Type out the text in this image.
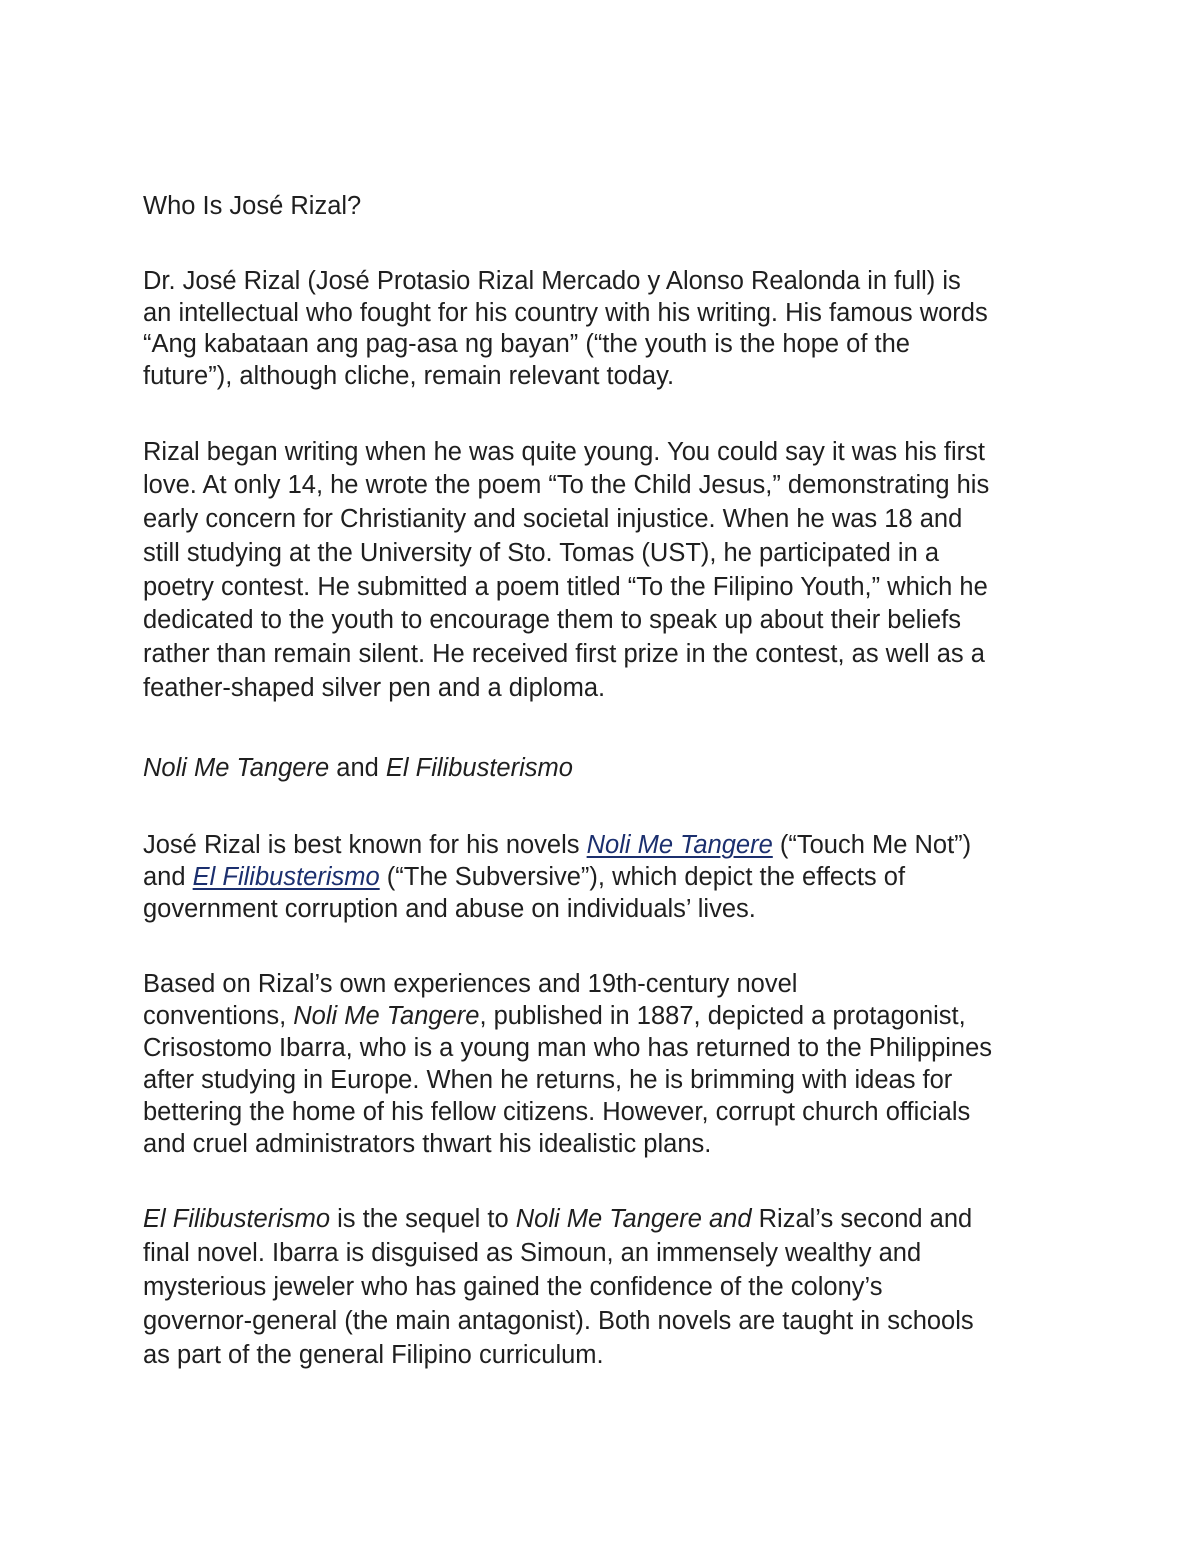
Who Is José Rizal?
Dr. José Rizal (José Protasio Rizal Mercado y Alonso Realonda in full) is
an intellectual who fought for his country with his writing. His famous words
“Ang kabataan ang pag-asa ng bayan” (“the youth is the hope of the
future”), although cliche, remain relevant today.
Rizal began writing when he was quite young. You could say it was his first
love. At only 14, he wrote the poem “To the Child Jesus,” demonstrating his
early concern for Christianity and societal injustice. When he was 18 and
still studying at the University of Sto. Tomas (UST), he participated in a
poetry contest. He submitted a poem titled “To the Filipino Youth,” which he
dedicated to the youth to encourage them to speak up about their beliefs
rather than remain silent. He received first prize in the contest, as well as a
feather-shaped silver pen and a diploma.
Noli Me Tangere and El Filibusterismo
José Rizal is best known for his novels Noli Me Tangere (“Touch Me Not”)
and El Filibusterismo (“The Subversive”), which depict the effects of
government corruption and abuse on individuals’ lives.
Based on Rizal’s own experiences and 19th-century novel
conventions, Noli Me Tangere, published in 1887, depicted a protagonist,
Crisostomo Ibarra, who is a young man who has returned to the Philippines
after studying in Europe. When he returns, he is brimming with ideas for
bettering the home of his fellow citizens. However, corrupt church officials
and cruel administrators thwart his idealistic plans.
El Filibusterismo is the sequel to Noli Me Tangere and Rizal’s second and
final novel. Ibarra is disguised as Simoun, an immensely wealthy and
mysterious jeweler who has gained the confidence of the colony’s
governor-general (the main antagonist). Both novels are taught in schools
as part of the general Filipino curriculum.
